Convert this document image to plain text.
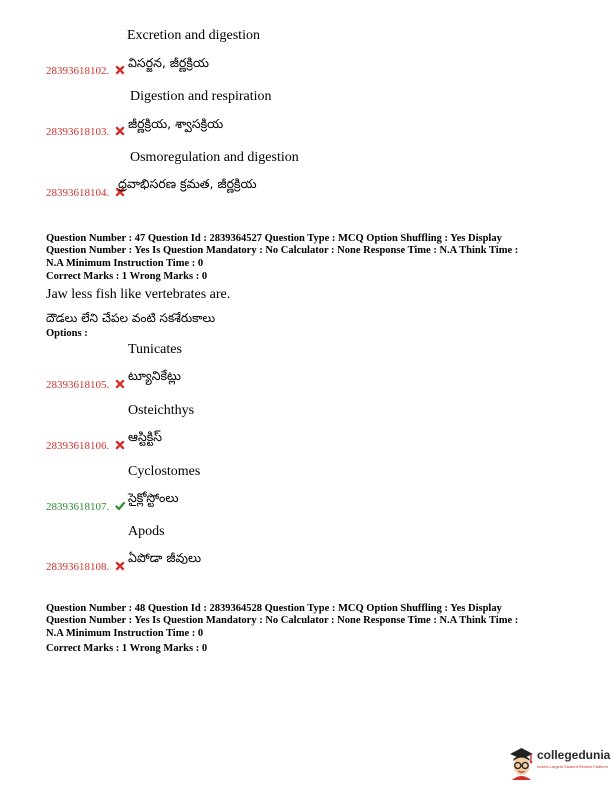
Excretion and digestion
28393618102.
విసర్జన, జీర్ణక్రియ
Digestion and respiration
28393618103.
జీర్ణక్రియ, శ్వాసక్రియ
Osmoregulation and digestion
28393618104.
ద్రవాభిసరణ క్రమత, జీర్ణక్రియ
Question Number : 47 Question Id : 2839364527 Question Type : MCQ Option Shuffling : Yes Display
Question Number : Yes Is Question Mandatory : No Calculator : None Response Time : N.A Think Time :
N.A Minimum Instruction Time : 0
Correct Marks : 1 Wrong Marks : 0
Jaw less fish like vertebrates are.
దౌడలు లేని చేపల వంటి సకశేరుకాలు
Options :
Tunicates
28393618105.
ట్యూనికేట్లు
Osteichthys
28393618106.
ఆస్టిక్టిస్
Cyclostomes
28393618107.
సైక్లోస్టోంలు
Apods
28393618108.
ఏపోడా జీవులు
Question Number : 48 Question Id : 2839364528 Question Type : MCQ Option Shuffling : Yes Display
Question Number : Yes Is Question Mandatory : No Calculator : None Response Time : N.A Think Time :
N.A Minimum Instruction Time : 0
Correct Marks : 1 Wrong Marks : 0
collegedunia
India's Largest Student Review Platform
